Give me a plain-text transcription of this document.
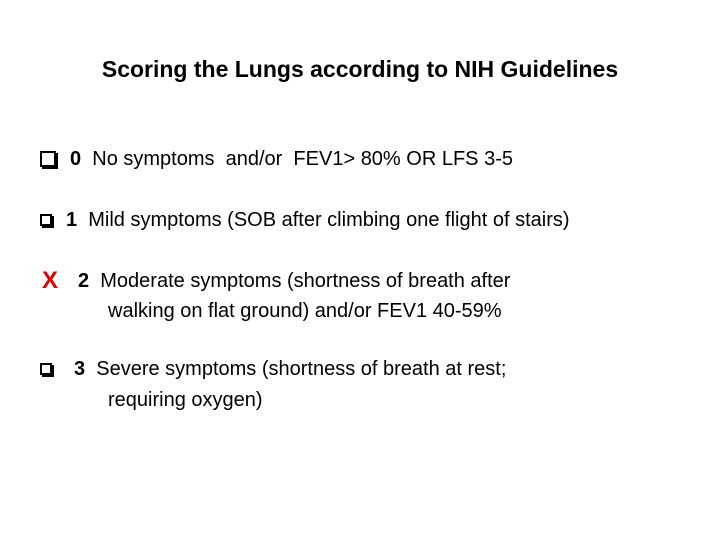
Scoring the Lungs according to NIH Guidelines
0 No symptoms  and/or  FEV1> 80% OR LFS 3-5
1 Mild symptoms (SOB after climbing one flight of stairs)
X 2 Moderate symptoms (shortness of breath after
walking on flat ground) and/or FEV1 40-59%
3 Severe symptoms (shortness of breath at rest;
requiring oxygen)
